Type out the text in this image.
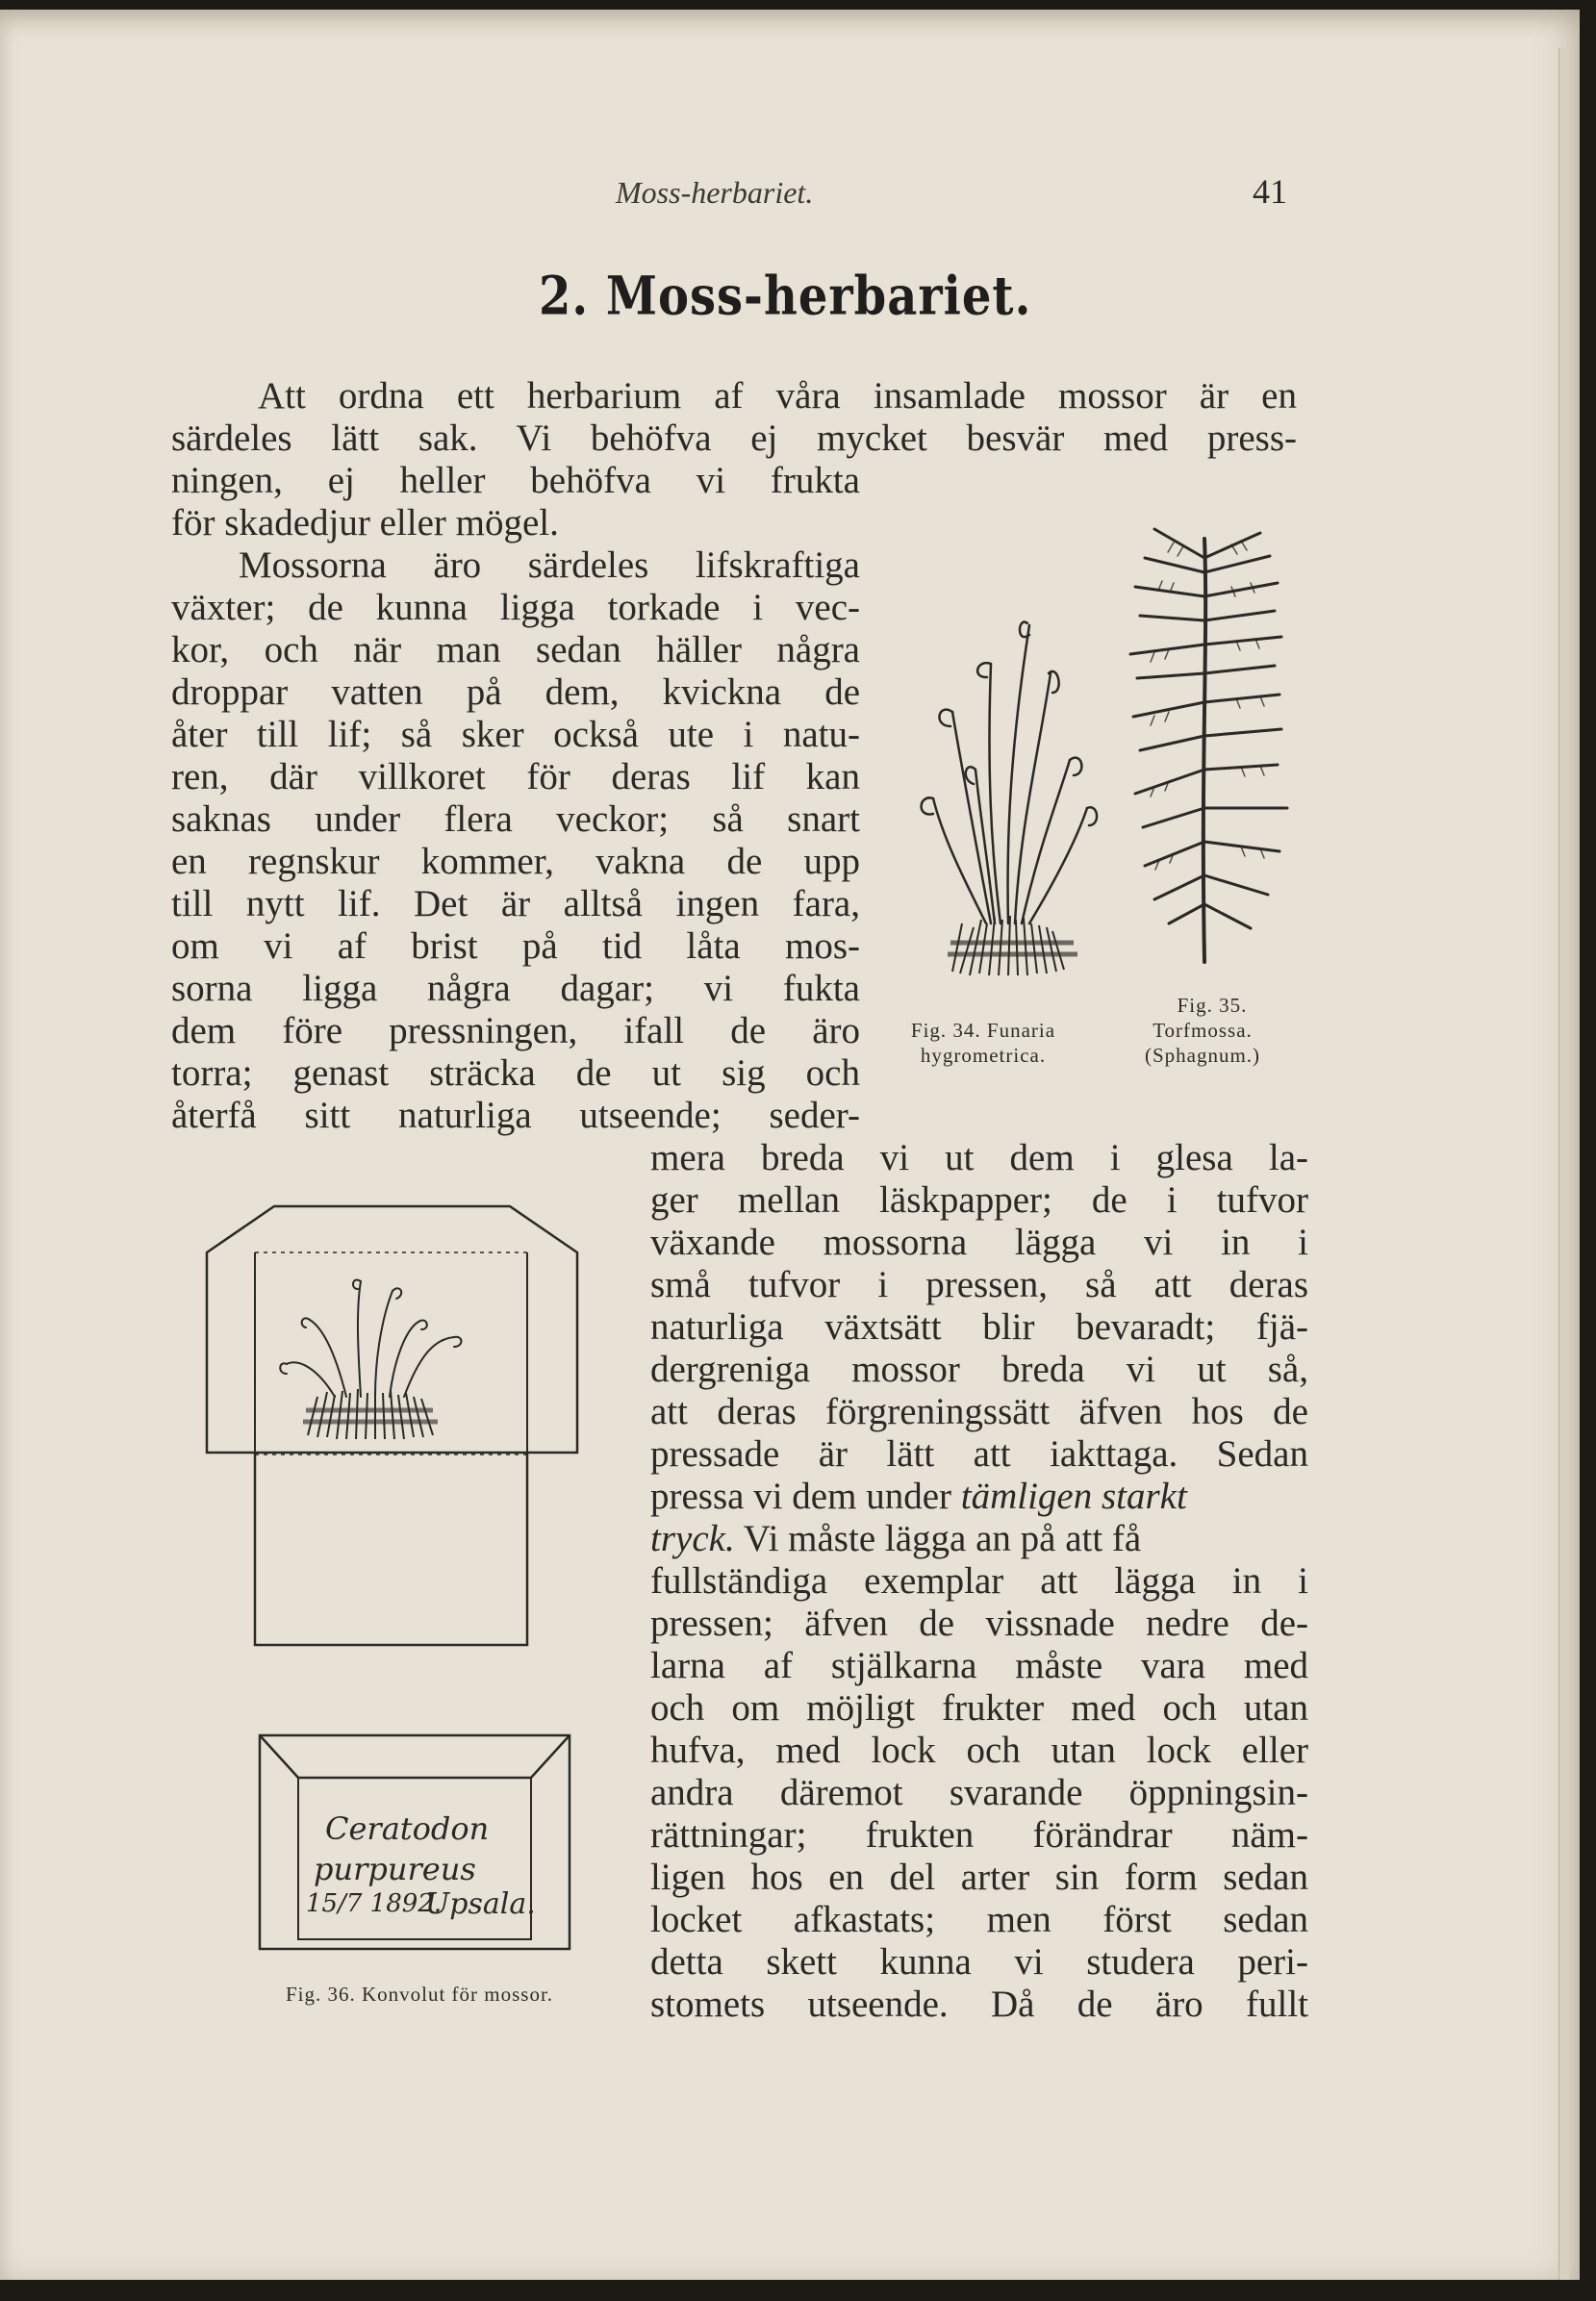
Moss-herbariet.	41
2. Moss-herbariet.
Att ordna ett herbarium af våra insamlade mossor är en
särdeles lätt sak. Vi behöfva ej mycket besvär med press-
ningen, ej heller behöfva vi frukta
för skadedjur eller mögel.
Mossorna äro särdeles lifskraftiga
växter; de kunna ligga torkade i vec-
kor, och när man sedan häller några
droppar vatten på dem, kvickna de
åter till lif; så sker också ute i natu-
ren, där villkoret för deras lif kan
saknas under flera veckor; så snart
en regnskur kommer, vakna de upp
till nytt lif. Det är alltså ingen fara,
om vi af brist på tid låta mos-
sorna ligga några dagar; vi fukta
dem före pressningen, ifall de äro
torra; genast sträcka de ut sig och
återfå sitt naturliga utseende; seder-
mera breda vi ut dem i glesa la-
ger mellan läskpapper; de i tufvor
växande mossorna lägga vi in i
små tufvor i pressen, så att deras
naturliga växtsätt blir bevaradt; fjä-
dergreniga mossor breda vi ut så,
att deras förgreningssätt äfven hos de
pressade är lätt att iakttaga. Sedan
pressa vi dem under tämligen starkt
tryck. Vi måste lägga an på att få
fullständiga exemplar att lägga in i
pressen; äfven de vissnade nedre de-
larna af stjälkarna måste vara med
och om möjligt frukter med och utan
hufva, med lock och utan lock eller
andra däremot svarande öppningsin-
rättningar; frukten förändrar näm-
ligen hos en del arter sin form sedan
locket afkastats; men först sedan
detta skett kunna vi studera peri-
stomets utseende. Då de äro fullt
Fig. 34. Funaria
hygrometrica.
Fig. 35.
Torfmossa.
(Sphagnum.)
Ceratodon
purpureus
15/7 1892.
Upsala.
Fig. 36. Konvolut för mossor.
